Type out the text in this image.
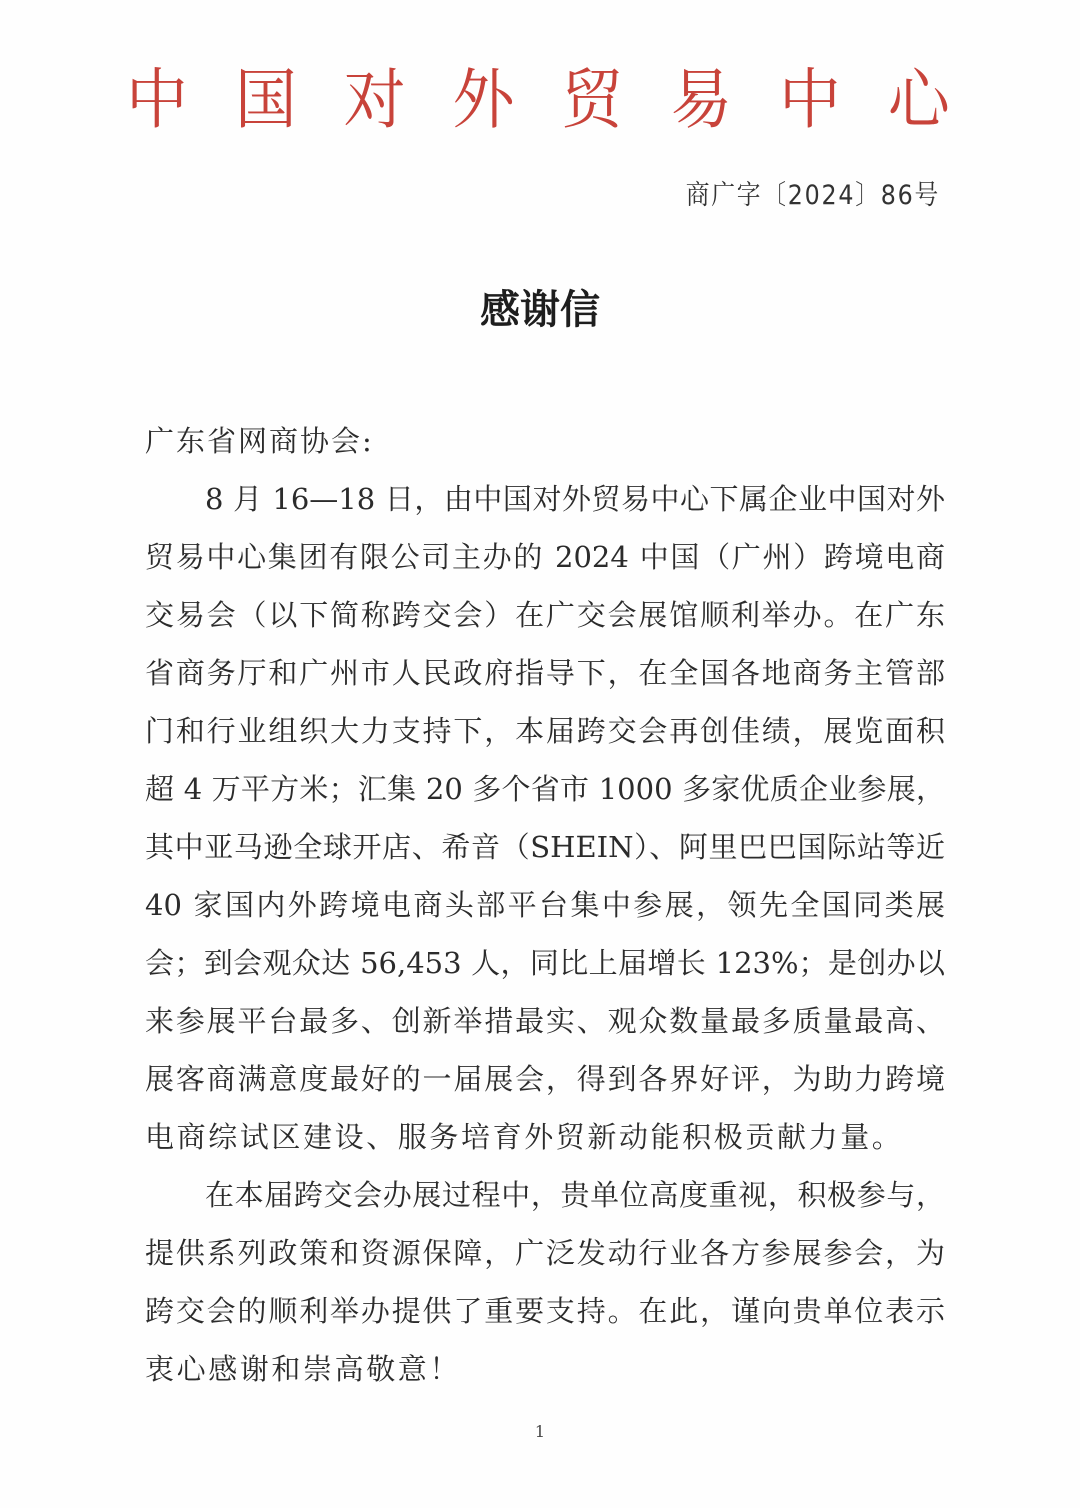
中 国 对 外 贸 易 中 心
商广字〔2024〕86号
感谢信
广东省网商协会:
8 月 16—18 日，由中国对外贸易中心下属企业中国对外
贸易中心集团有限公司主办的 2024 中国（广州）跨境电商
交易会（以下简称跨交会）在广交会展馆顺利举办。在广东
省商务厅和广州市人民政府指导下，在全国各地商务主管部
门和行业组织大力支持下，本届跨交会再创佳绩，展览面积
超 4 万平方米；汇集 20 多个省市 1000 多家优质企业参展，
其中亚马逊全球开店、希音（SHEIN）、阿里巴巴国际站等近
40 家国内外跨境电商头部平台集中参展，领先全国同类展
会；到会观众达 56,453 人，同比上届增长 123%；是创办以
来参展平台最多、创新举措最实、观众数量最多质量最高、
展客商满意度最好的一届展会，得到各界好评，为助力跨境
电商综试区建设、服务培育外贸新动能积极贡献力量。
在本届跨交会办展过程中，贵单位高度重视，积极参与，
提供系列政策和资源保障，广泛发动行业各方参展参会，为
跨交会的顺利举办提供了重要支持。在此，谨向贵单位表示
衷心感谢和崇高敬意！
1
